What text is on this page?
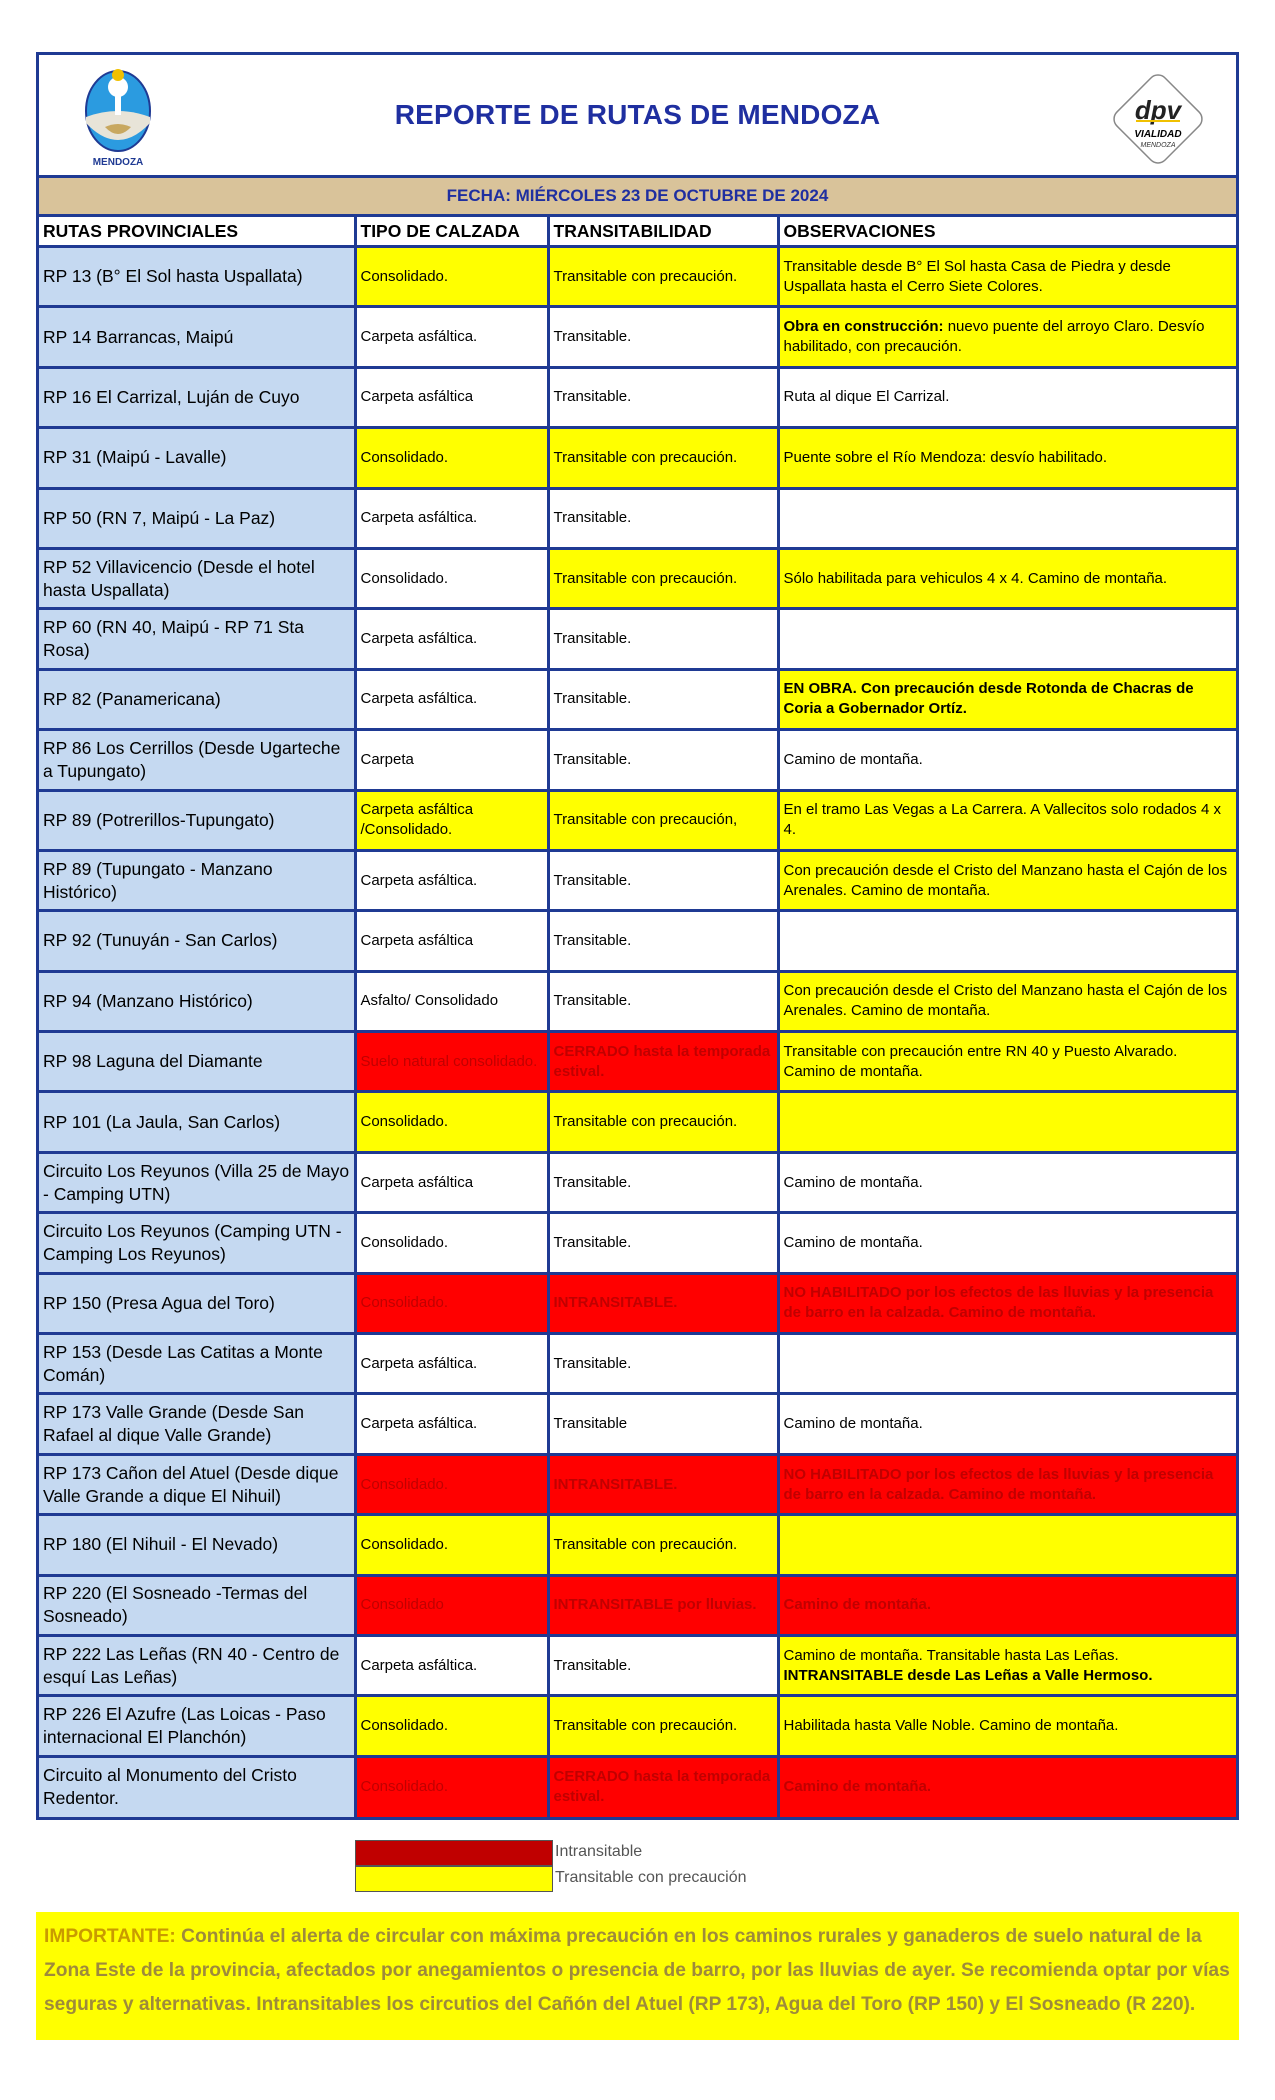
MENDOZA
REPORTE DE RUTAS DE MENDOZA	dpv
VIALIDAD
MENDOZA
FECHA: MIÉRCOLES 23 DE OCTUBRE DE 2024
RUTAS PROVINCIALES	TIPO DE CALZADA	TRANSITABILIDAD	OBSERVACIONES
RP 13 (B° El Sol hasta Uspallata)	Consolidado.	Transitable con precaución.	Transitable desde B° El Sol hasta Casa de Piedra y desde Uspallata hasta el Cerro Siete Colores.
RP 14 Barrancas, Maipú	Carpeta asfáltica.	Transitable.	Obra en construcción: nuevo puente del arroyo Claro. Desvío habilitado, con precaución.
RP 16 El Carrizal, Luján de Cuyo	Carpeta asfáltica	Transitable.	Ruta al dique El Carrizal.
RP 31 (Maipú - Lavalle)	Consolidado.	Transitable con precaución.	Puente sobre el Río Mendoza: desvío habilitado.
RP 50 (RN 7, Maipú - La Paz)	Carpeta asfáltica.	Transitable.	
RP 52 Villavicencio (Desde el hotel hasta Uspallata)	Consolidado.	Transitable con precaución.	Sólo habilitada para vehiculos 4 x 4. Camino de montaña.
RP 60 (RN 40, Maipú - RP 71 Sta Rosa)	Carpeta asfáltica.	Transitable.	
RP 82 (Panamericana)	Carpeta asfáltica.	Transitable.	EN OBRA. Con precaución desde Rotonda de Chacras de Coria a Gobernador Ortíz.
RP 86 Los Cerrillos (Desde Ugarteche a Tupungato)	Carpeta	Transitable.	Camino de montaña.
RP 89 (Potrerillos-Tupungato)	Carpeta asfáltica /Consolidado.	Transitable con precaución,	En el tramo Las Vegas a La Carrera. A Vallecitos solo rodados 4 x 4.
RP 89 (Tupungato - Manzano Histórico)	Carpeta asfáltica.	Transitable.	Con precaución desde el Cristo del Manzano hasta el Cajón de los Arenales. Camino de montaña.
RP 92 (Tunuyán - San Carlos)	Carpeta asfáltica	Transitable.	
RP 94 (Manzano Histórico)	Asfalto/ Consolidado	Transitable.	Con precaución desde el Cristo del Manzano hasta el Cajón de los Arenales. Camino de montaña.
RP 98 Laguna del Diamante	Suelo natural consolidado.	CERRADO hasta la temporada estival.	Transitable con precaución entre RN 40 y Puesto Alvarado. Camino de montaña.
RP 101 (La Jaula, San Carlos)	Consolidado.	Transitable con precaución.	
Circuito Los Reyunos (Villa 25 de Mayo - Camping UTN)	Carpeta asfáltica	Transitable.	Camino de montaña.
Circuito Los Reyunos (Camping UTN - Camping Los Reyunos)	Consolidado.	Transitable.	Camino de montaña.
RP 150 (Presa Agua del Toro)	Consolidado.	INTRANSITABLE.	NO HABILITADO por los efectos de las lluvias y la presencia de barro en la calzada. Camino de montaña.
RP 153 (Desde Las Catitas a Monte Comán)	Carpeta asfáltica.	Transitable.	
RP 173 Valle Grande (Desde San Rafael al dique Valle Grande)	Carpeta asfáltica.	Transitable	Camino de montaña.
RP 173 Cañon del Atuel (Desde dique Valle Grande a dique El Nihuil)	Consolidado.	INTRANSITABLE.	NO HABILITADO por los efectos de las lluvias y la presencia de barro en la calzada. Camino de montaña.
RP 180 (El Nihuil - El Nevado)	Consolidado.	Transitable con precaución.	
RP 220 (El Sosneado -Termas del Sosneado)	Consolidado	INTRANSITABLE por lluvias.	Camino de montaña.
RP 222 Las Leñas (RN 40 - Centro de esquí Las Leñas)	Carpeta asfáltica.	Transitable.	Camino de montaña. Transitable hasta Las Leñas.
INTRANSITABLE desde Las Leñas a Valle Hermoso.
RP 226 El Azufre (Las Loicas - Paso internacional El Planchón)	Consolidado.	Transitable con precaución.	Habilitada hasta Valle Noble. Camino de montaña.
Circuito al Monumento del Cristo Redentor.	Consolidado.	CERRADO hasta la temporada estival.	Camino de montaña.
Intransitable
Transitable con precaución
IMPORTANTE: Continúa el alerta de circular con máxima precaución en los caminos rurales y ganaderos de suelo natural de la Zona Este de la provincia, afectados por anegamientos o presencia de barro, por las lluvias de ayer. Se recomienda optar por vías seguras y alternativas. Intransitables los circutios del Cañón del Atuel (RP 173), Agua del Toro (RP 150) y El Sosneado (R 220).
